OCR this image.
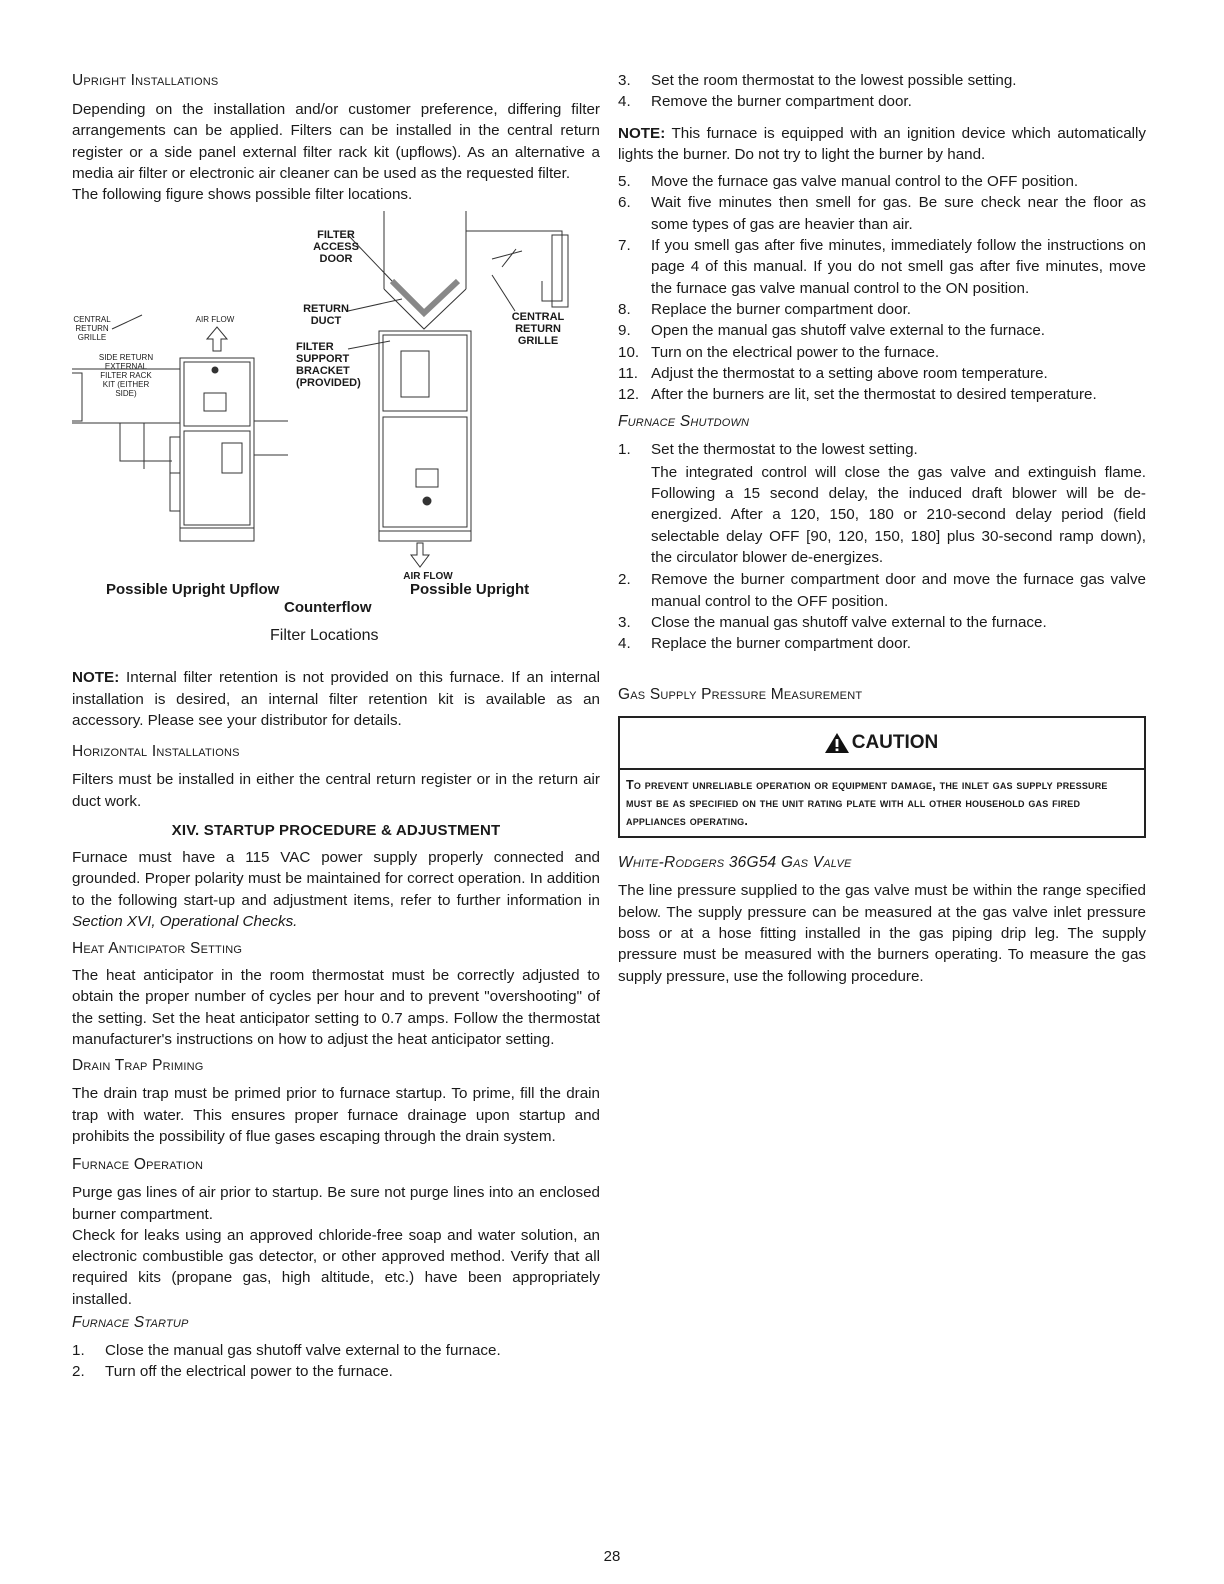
Upright Installations

Depending on the installation and/or customer preference, differing filter arrangements can be applied. Filters can be installed in the central return register or a side panel external filter rack kit (upflows). As an alternative a media air filter or electronic air cleaner can be used as the requested filter.

The following figure shows possible filter locations.

FILTER ACCESS DOOR
RETURN DUCT
FILTER SUPPORT BRACKET (PROVIDED)
CENTRAL RETURN GRILLE
AIR FLOW
CENTRAL RETURN GRILLE
SIDE RETURN EXTERNAL FILTER RACK KIT (EITHER SIDE)
AIR FLOW
Possible Upright Upflow	Possible Upright
Counterflow
Filter Locations

NOTE: Internal filter retention is not provided on this furnace. If an internal installation is desired, an internal filter retention kit is available as an accessory. Please see your distributor for details.

Horizontal Installations

Filters must be installed in either the central return register or in the return air duct work.

XIV. STARTUP PROCEDURE & ADJUSTMENT

Furnace must have a 115 VAC power supply properly connected and grounded. Proper polarity must be maintained for correct operation. In addition to the following start-up and adjustment items, refer to further information in Section XVI, Operational Checks.

Heat Anticipator Setting

The heat anticipator in the room thermostat must be correctly adjusted to obtain the proper number of cycles per hour and to prevent "overshooting" of the setting. Set the heat anticipator setting to 0.7 amps. Follow the thermostat manufacturer's instructions on how to adjust the heat anticipator setting.

Drain Trap Priming

The drain trap must be primed prior to furnace startup. To prime, fill the drain trap with water. This ensures proper furnace drainage upon startup and prohibits the possibility of flue gases escaping through the drain system.

Furnace Operation

Purge gas lines of air prior to startup. Be sure not purge lines into an enclosed burner compartment.

Check for leaks using an approved chloride-free soap and water solution, an electronic combustible gas detector, or other approved method. Verify that all required kits (propane gas, high altitude, etc.) have been appropriately installed.

Furnace Startup
1.	Close the manual gas shutoff valve external to the furnace.
2.	Turn off the electrical power to the furnace.
3.	Set the room thermostat to the lowest possible setting.
4.	Remove the burner compartment door.

NOTE: This furnace is equipped with an ignition device which automatically lights the burner. Do not try to light the burner by hand.

5.	Move the furnace gas valve manual control to the OFF position.
6.	Wait five minutes then smell for gas. Be sure check near the floor as some types of gas are heavier than air.
7.	If you smell gas after five minutes, immediately follow the instructions on page 4 of this manual. If you do not smell gas after five minutes, move the furnace gas valve manual control to the ON position.
8.	Replace the burner compartment door.
9.	Open the manual gas shutoff valve external to the furnace.
10. Turn on the electrical power to the furnace.
11. Adjust the thermostat to a setting above room temperature.
12. After the burners are lit, set the thermostat to desired temperature.
Furnace Shutdown
1.	Set the thermostat to the lowest setting.

The integrated control will close the gas valve and extinguish flame. Following a 15 second delay, the induced draft blower will be de-energized. After a 120, 150, 180 or 210-second delay period (field selectable delay OFF [90, 120, 150, 180] plus 30-second ramp down), the circulator blower de-energizes.

2.	Remove the burner compartment door and move the furnace gas valve manual control to the OFF position.
3.	Close the manual gas shutoff valve external to the furnace.
4.	Replace the burner compartment door.
Gas Supply Pressure Measurement
CAUTION
To prevent unreliable operation or equipment damage, the inlet gas supply pressure must be as specified on the unit rating plate with all other household gas fired appliances operating.
White-Rodgers 36G54 Gas Valve

The line pressure supplied to the gas valve must be within the range specified below. The supply pressure can be measured at the gas valve inlet pressure boss or at a hose fitting installed in the gas piping drip leg. The supply pressure must be measured with the burners operating. To measure the gas supply pressure, use the following procedure.

28
